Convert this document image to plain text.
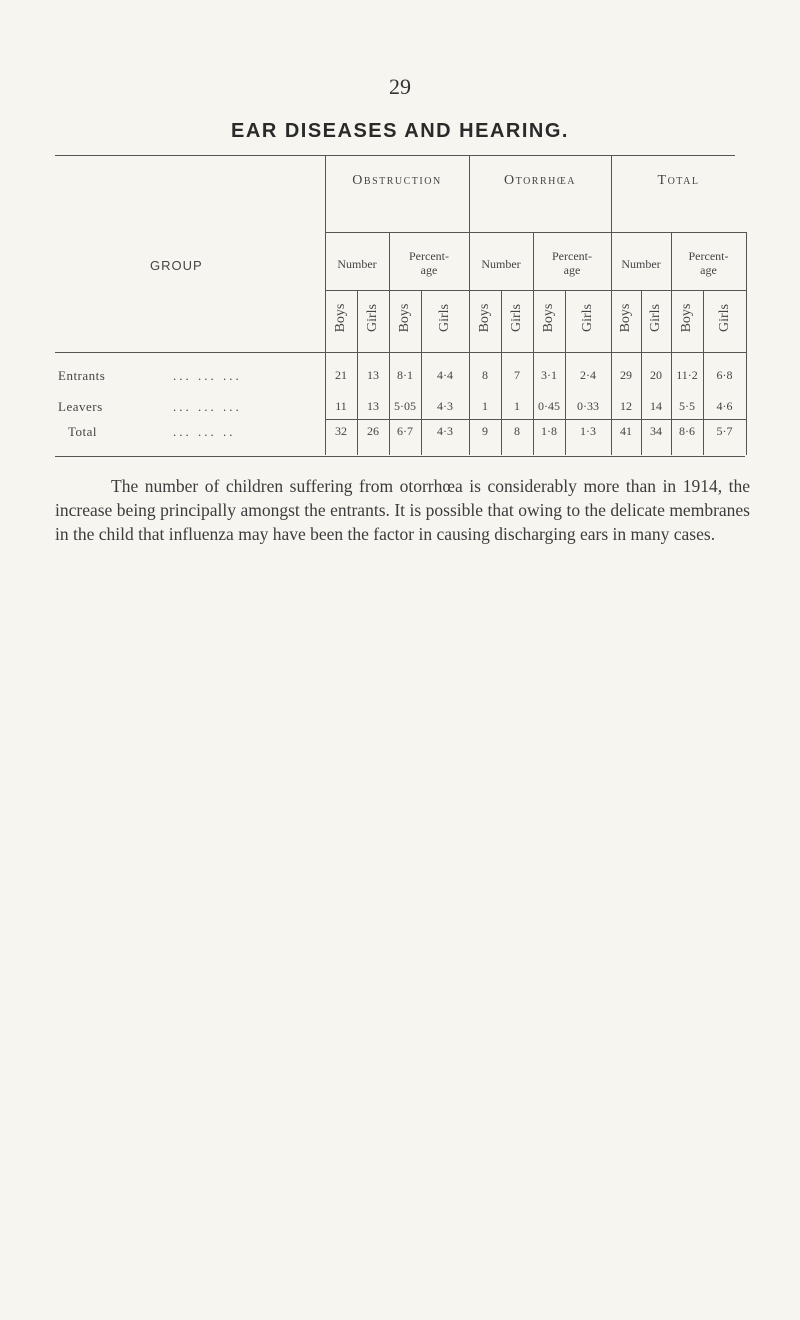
29
EAR DISEASES AND HEARING.
GROUP
Obstruction	Otorrhœa	Total
Number
Percent-
age	Number
Percent-
age	Number
Percent-
age
Boys Girls Boys Girls Boys Girls Boys Girls Boys Girls Boys Girls
Entrants	... ... ...	21	13	8·1	4·4	8	7	3·1	2·4	29	20	11·2	6·8
Leavers	... ... ...	11	13	5·05	4·3	1	1	0·45	0·33	12	14	5·5	4·6
Total	... ... ..	32	26	6·7	4·3	9	8	1·8	1·3	41	34	8·6	5·7
The number of children suffering from otorrhœa is considerably more than in 1914, the increase being principally amongst the entrants. It is possible that owing to the delicate membranes in the child that influenza may have been the factor in causing discharging ears in many cases.
